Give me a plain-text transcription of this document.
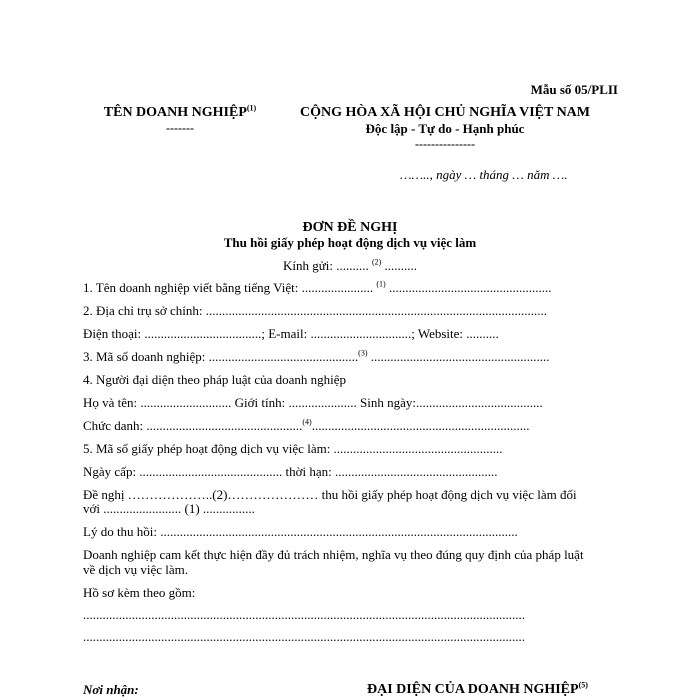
Mẫu số 05/PLII
TÊN DOANH NGHIỆP$^{(1)}$
-------
CỘNG HÒA XÃ HỘI CHỦ NGHĨA VIỆT NAM
Độc lập - Tự do - Hạnh phúc
---------------
…….., ngày … tháng … năm ….
ĐƠN ĐỀ NGHỊ
Thu hồi giấy phép hoạt động dịch vụ việc làm
Kính gửi: .......... $^{(2)}$ ..........
1. Tên doanh nghiệp viết bằng tiếng Việt: ...................... $^{(1)}$ ..................................................
2. Địa chỉ trụ sở chính: .........................................................................................................
Điện thoại: ....................................; E-mail: ...............................; Website: ..........
3. Mã số doanh nghiệp: ..............................................$^{(3)}$ .......................................................
4. Người đại diện theo pháp luật của doanh nghiệp
Họ và tên: ............................ Giới tính: ..................... Sinh ngày:.......................................
Chức danh: ................................................$^{(4)}$...................................................................
5. Mã số giấy phép hoạt động dịch vụ việc làm: ....................................................
Ngày cấp: ............................................ thời hạn: ..................................................
Đề nghị ………………..(2)………………… thu hồi giấy phép hoạt động dịch vụ việc làm đối
với ........................ (1) ................
Lý do thu hồi: ..............................................................................................................
Doanh nghiệp cam kết thực hiện đầy đủ trách nhiệm, nghĩa vụ theo đúng quy định của pháp luật
về dịch vụ việc làm.
Hồ sơ kèm theo gồm:
........................................................................................................................................
........................................................................................................................................
Nơi nhận:	ĐẠI DIỆN CỦA DOANH NGHIỆP$^{(5)}$
